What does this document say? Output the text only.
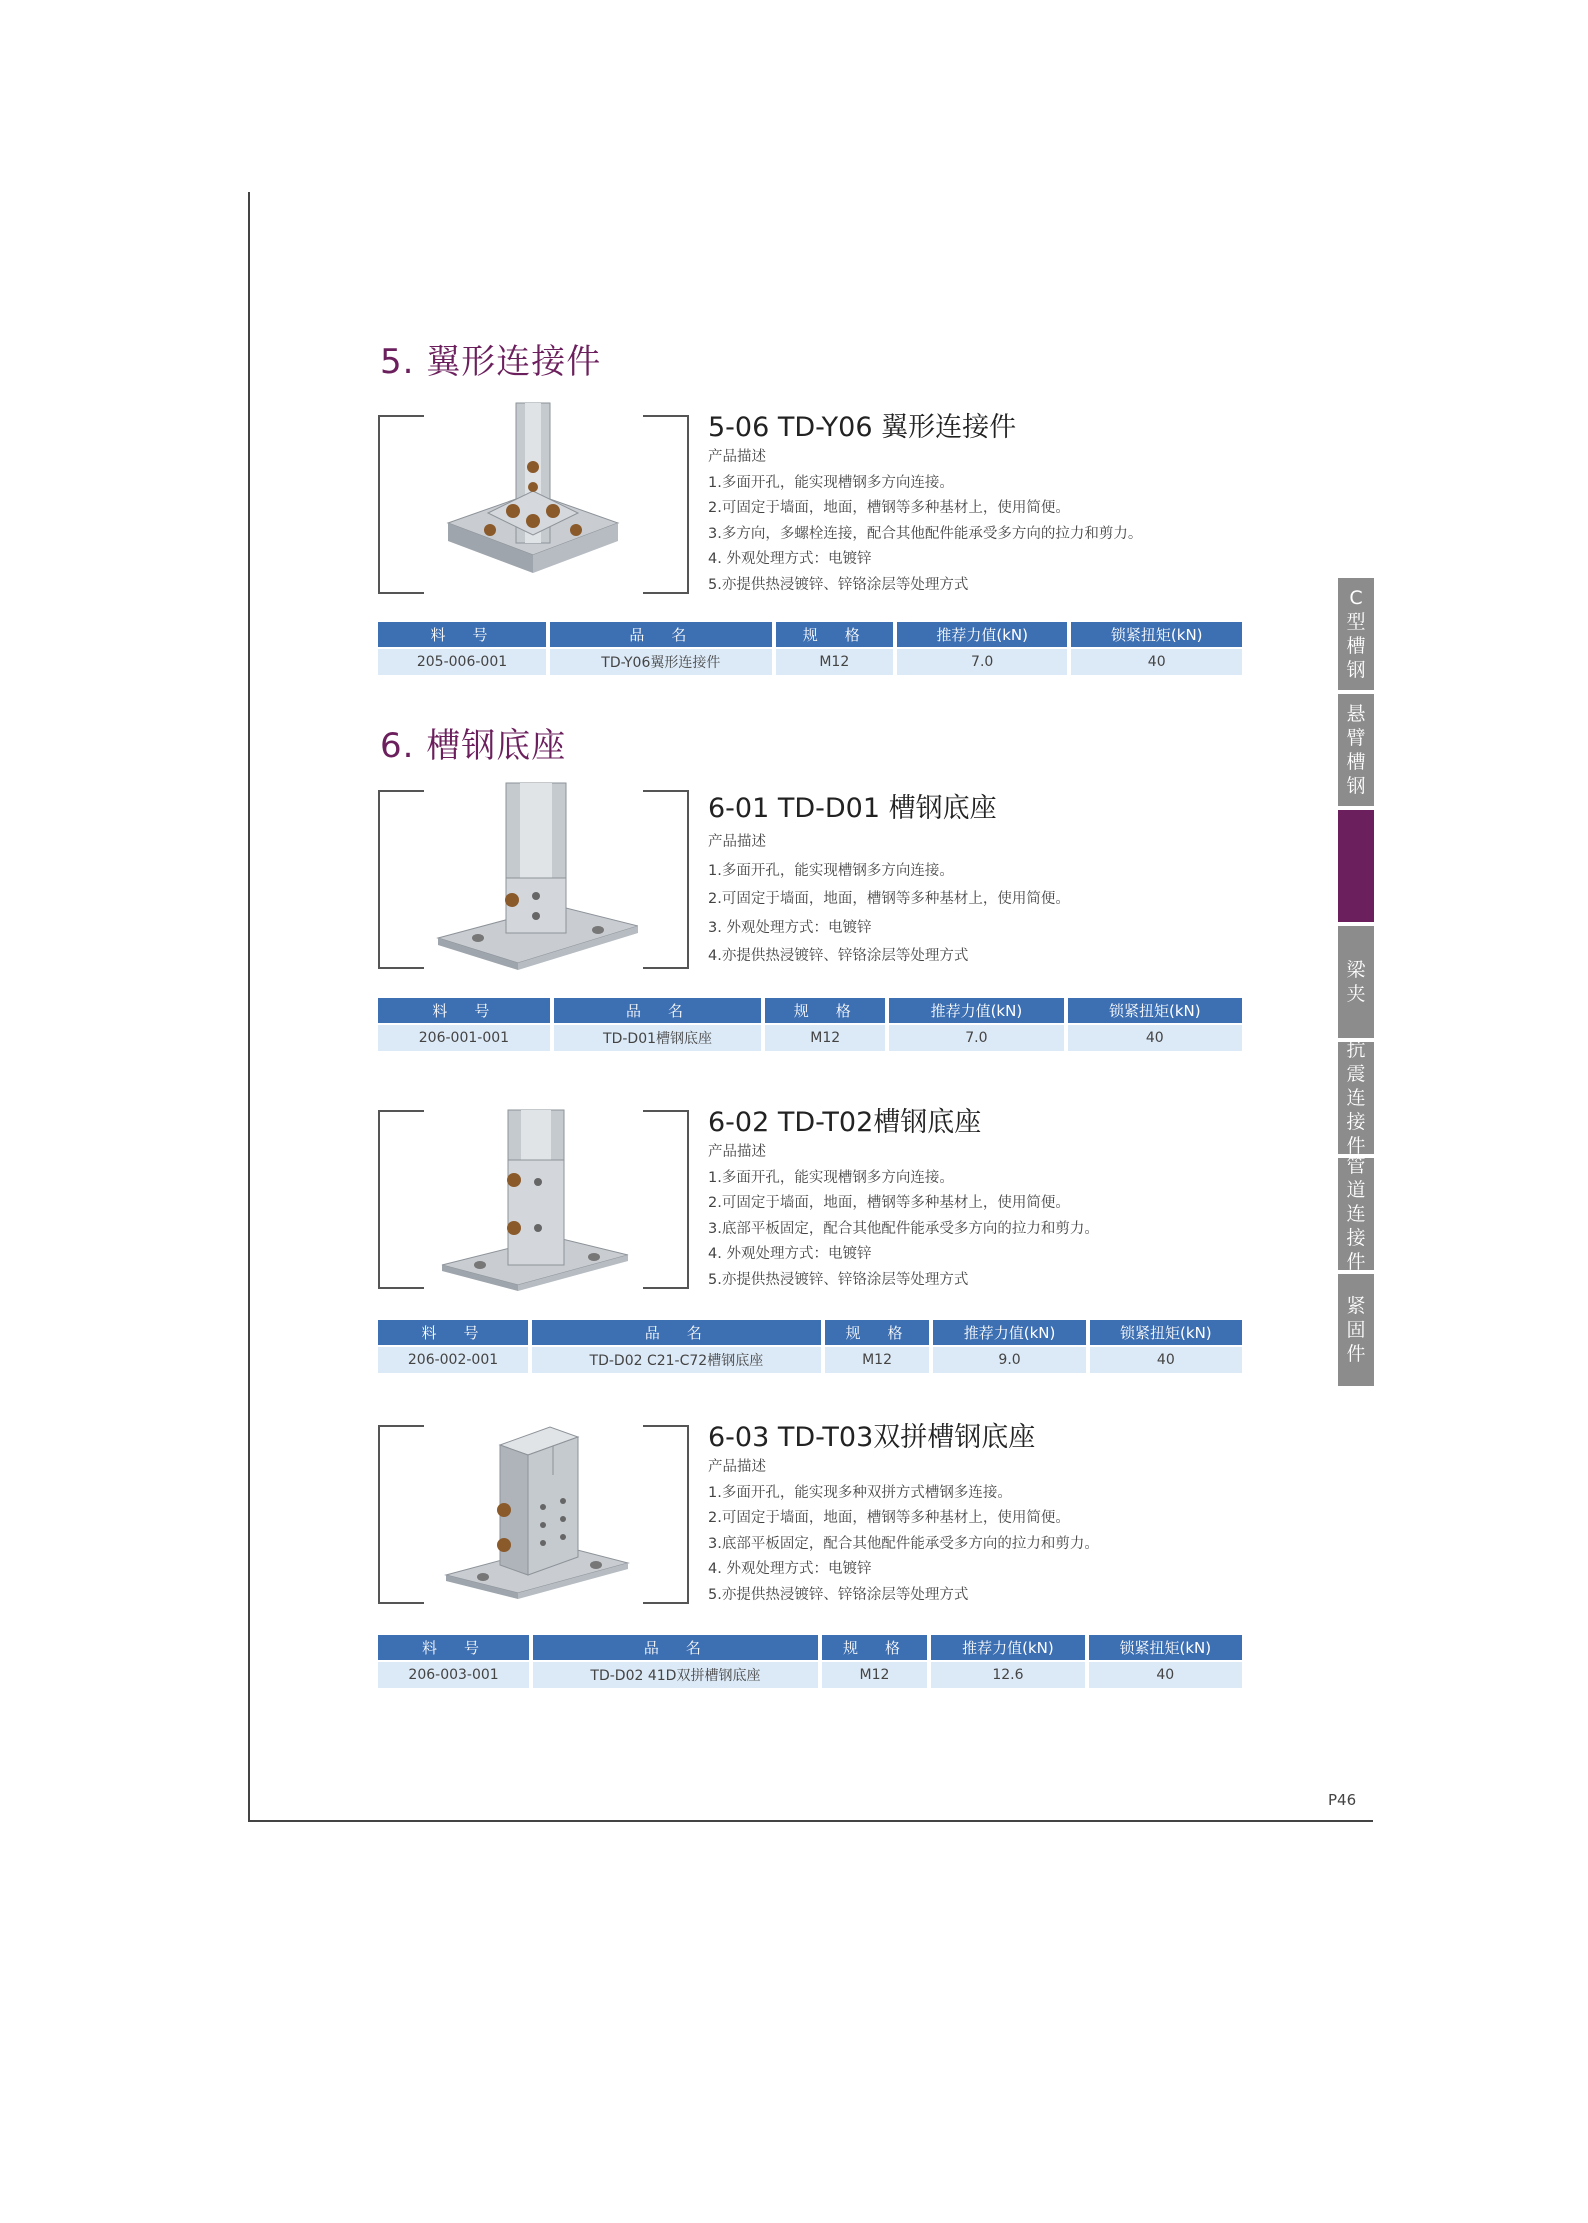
5. 翼形连接件
6. 槽钢底座
5-06 TD-Y06 翼形连接件
产品描述
1.多面开孔，能实现槽钢多方向连接。
2.可固定于墙面，地面，槽钢等多种基材上，使用简便。
3.多方向，多螺栓连接，配合其他配件能承受多方向的拉力和剪力。
4. 外观处理方式：电镀锌
5.亦提供热浸镀锌、锌铬涂层等处理方式
料　号	品　名	规　格	推荐力值(kN)	锁紧扭矩(kN)
205-006-001	TD-Y06翼形连接件	M12	7.0	40
6-01 TD-D01 槽钢底座
产品描述
1.多面开孔，能实现槽钢多方向连接。
2.可固定于墙面，地面，槽钢等多种基材上，使用简便。
3. 外观处理方式：电镀锌
4.亦提供热浸镀锌、锌铬涂层等处理方式
料　号	品　名	规　格	推荐力值(kN)	锁紧扭矩(kN)
206-001-001	TD-D01槽钢底座	M12	7.0	40
6-02 TD-T02槽钢底座
产品描述
1.多面开孔，能实现槽钢多方向连接。
2.可固定于墙面，地面，槽钢等多种基材上，使用简便。
3.底部平板固定，配合其他配件能承受多方向的拉力和剪力。
4. 外观处理方式：电镀锌
5.亦提供热浸镀锌、锌铬涂层等处理方式
料　号	品　名	规　格	推荐力值(kN)	锁紧扭矩(kN)
206-002-001	TD-D02 C21-C72槽钢底座	M12	9.0	40
6-03 TD-T03双拼槽钢底座
产品描述
1.多面开孔，能实现多种双拼方式槽钢多连接。
2.可固定于墙面，地面，槽钢等多种基材上，使用简便。
3.底部平板固定，配合其他配件能承受多方向的拉力和剪力。
4. 外观处理方式：电镀锌
5.亦提供热浸镀锌、锌铬涂层等处理方式
料　号	品　名	规　格	推荐力值(kN)	锁紧扭矩(kN)
206-003-001	TD-D02 41D双拼槽钢底座	M12	12.6	40
C型槽钢
悬臂槽钢
梁夹
抗震连接件
管道连接件
紧固件
P46
